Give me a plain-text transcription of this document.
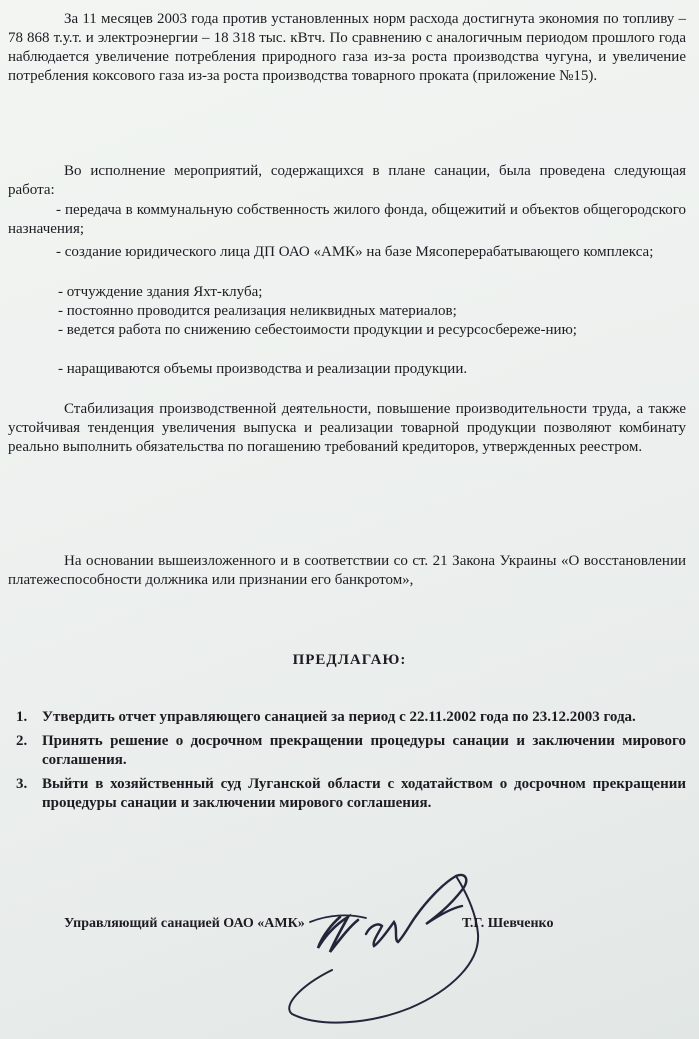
За 11 месяцев 2003 года против установленных норм расхода достигнута экономия по топливу – 78 868 т.у.т. и электроэнергии – 18 318 тыс. кВтч. По сравнению с аналогичным периодом прошлого года наблюдается увеличение потребления природного газа из-за роста производства чугуна, и увеличение потребления коксового газа из-за роста производства товарного проката (приложение №15).

Во исполнение мероприятий, содержащихся в плане санации, была проведена следующая работа:

- передача в коммунальную собственность жилого фонда, общежитий и объектов общегородского назначения;
- создание юридического лица ДП ОАО «АМК» на базе Мясоперерабатывающего комплекса;
- отчуждение здания Яхт-клуба;
- постоянно проводится реализация неликвидных материалов;
- ведется работа по снижению себестоимости продукции и ресурсосбереже-нию;
- наращиваются объемы производства и реализации продукции.

Стабилизация производственной деятельности, повышение производительности труда, а также устойчивая тенденция увеличения выпуска и реализации товарной продукции позволяют комбинату реально выполнить обязательства по погашению требований кредиторов, утвержденных реестром.

На основании вышеизложенного и в соответствии со ст. 21 Закона Украины «О восстановлении платежеспособности должника или признании его банкротом»,

ПРЕДЛАГАЮ:
1. Утвердить отчет управляющего санацией за период с 22.11.2002 года по 23.12.2003 года.
2. Принять решение о досрочном прекращении процедуры санации и заключении мирового соглашения.
3. Выйти в хозяйственный суд Луганской области с ходатайством о досрочном прекращении процедуры санации и заключении мирового соглашения.
Управляющий санацией ОАО «АМК»	Т.Г. Шевченко
